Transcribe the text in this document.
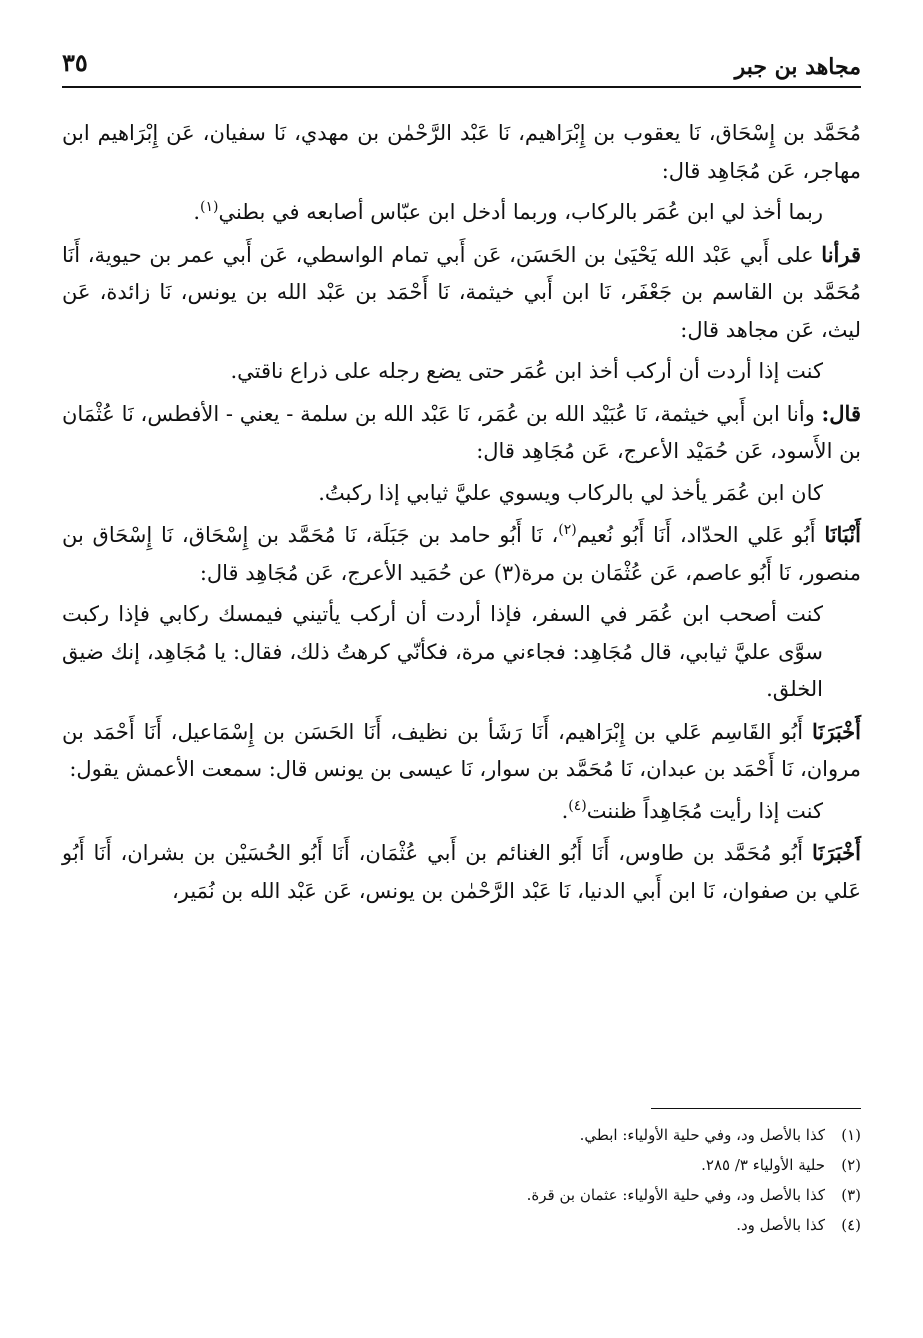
مجاهد بن جبر
٣٥

مُحَمَّد بن إِسْحَاق، نَا يعقوب بن إِبْرَاهيم، نَا عَبْد الرَّحْمٰن بن مهدي، نَا سفيان، عَن إِبْرَاهيم ابن مهاجر، عَن مُجَاهِد قال:

ربما أخذ لي ابن عُمَر بالركاب، وربما أدخل ابن عبّاس أصابعه في بطني$^{(١)}$.

قرأنا على أَبي عَبْد الله يَحْيَىٰ بن الحَسَن، عَن أَبي تمام الواسطي، عَن أَبي عمر بن حيوية، أَنَا مُحَمَّد بن القاسم بن جَعْفَر، نَا ابن أَبي خيثمة، نَا أَحْمَد بن عَبْد الله بن يونس، نَا زائدة، عَن ليث، عَن مجاهد قال:

كنت إذا أردت أن أركب أخذ ابن عُمَر حتى يضع رجله على ذراع ناقتي.

قال: وأنا ابن أَبي خيثمة، نَا عُبَيْد الله بن عُمَر، نَا عَبْد الله بن سلمة - يعني - الأفطس، نَا عُثْمَان بن الأَسود، عَن حُمَيْد الأعرج، عَن مُجَاهِد قال:

كان ابن عُمَر يأخذ لي بالركاب ويسوي عليَّ ثيابي إذا ركبتُ.

أَنْبَانَا أَبُو عَلي الحدّاد، أَنَا أَبُو نُعيم$^{(٢)}$، نَا أَبُو حامد بن جَبَلَة، نَا مُحَمَّد بن إِسْحَاق، نَا إِسْحَاق بن منصور، نَا أَبُو عاصم، عَن عُثْمَان بن مرة(٣) عن حُمَيد الأعرج، عَن مُجَاهِد قال:

كنت أصحب ابن عُمَر في السفر، فإذا أردت أن أركب يأتيني فيمسك ركابي فإذا ركبت سوَّى عليَّ ثيابي، قال مُجَاهِد: فجاءني مرة، فكأنّي كرهتُ ذلك، فقال: يا مُجَاهِد، إنك ضيق الخلق.

أَخْبَرَنَا أَبُو القَاسِم عَلي بن إِبْرَاهيم، أَنَا رَشَأ بن نظيف، أَنَا الحَسَن بن إِسْمَاعيل، أَنَا أَحْمَد بن مروان، نَا أَحْمَد بن عبدان، نَا مُحَمَّد بن سوار، نَا عيسى بن يونس قال: سمعت الأعمش يقول:

كنت إذا رأيت مُجَاهِداً ظننت$^{(٤)}$.

أَخْبَرَنَا أَبُو مُحَمَّد بن طاوس، أَنَا أَبُو الغنائم بن أَبي عُثْمَان، أَنَا أَبُو الحُسَيْن بن بشران، أَنَا أَبُو عَلي بن صفوان، نَا ابن أَبي الدنيا، نَا عَبْد الرَّحْمٰن بن يونس، عَن عَبْد الله بن نُمَير،

(١)كذا بالأصل ود، وفي حلية الأولياء: ابطي.
(٢)حلية الأولياء ٣/ ٢٨٥.
(٣)كذا بالأصل ود، وفي حلية الأولياء: عثمان بن قرة.
(٤)كذا بالأصل ود.
